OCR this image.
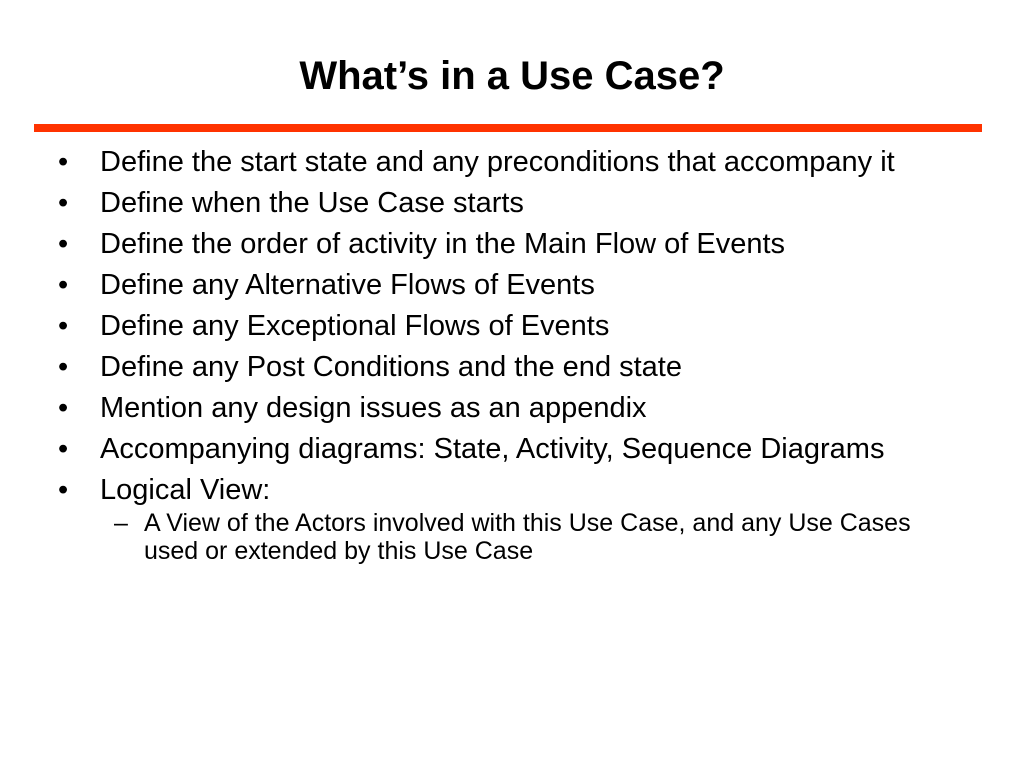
What’s in a Use Case?
• Define the start state and any preconditions that accompany it
• Define when the Use Case starts
• Define the order of activity in the Main Flow of Events
• Define any Alternative Flows of Events
• Define any Exceptional Flows of Events
• Define any Post Conditions and the end state
• Mention any design issues as an appendix
• Accompanying diagrams: State, Activity, Sequence Diagrams
• Logical View:
– A View of the Actors involved with this Use Case, and any Use Cases used or extended by this Use Case
